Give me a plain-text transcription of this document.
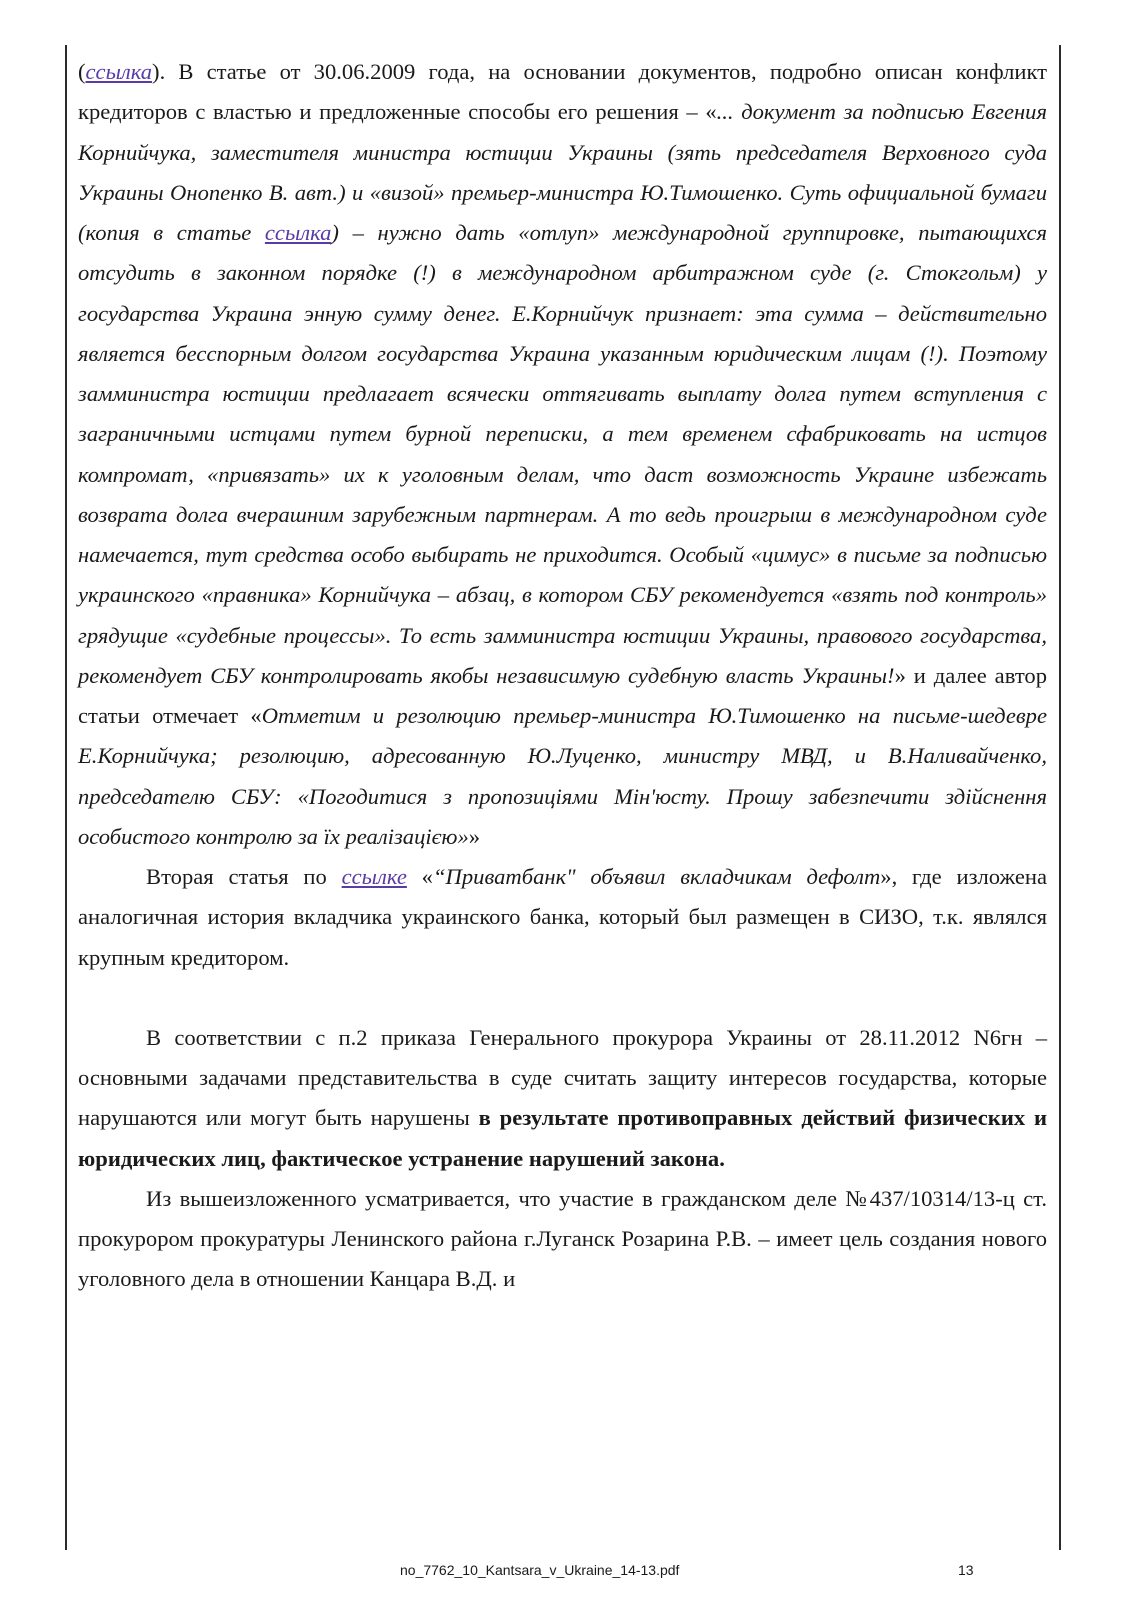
(ссылка). В статье от 30.06.2009 года, на основании документов, подробно описан конфликт кредиторов с властью и предложенные способы его решения – «... документ за подписью Евгения Корнийчука, заместителя министра юстиции Украины (зять председателя Верховного суда Украины Онопенко В. авт.) и «визой» премьер-министра Ю.Тимошенко. Суть официальной бумаги (копия в статье ссылка) – нужно дать «отлуп» международной группировке, пытающихся отсудить в законном порядке (!) в международном арбитражном суде (г. Стокгольм) у государства Украина энную сумму денег. Е.Корнийчук признает: эта сумма – действительно является бесспорным долгом государства Украина указанным юридическим лицам (!). Поэтому замминистра юстиции предлагает всячески оттягивать выплату долга путем вступления с заграничными истцами путем бурной переписки, а тем временем сфабриковать на истцов компромат, «привязать» их к уголовным делам, что даст возможность Украине избежать возврата долга вчерашним зарубежным партнерам. А то ведь проигрыш в международном суде намечается, тут средства особо выбирать не приходится. Особый «цимус» в письме за подписью украинского «правника» Корнийчука – абзац, в котором СБУ рекомендуется «взять под контроль» грядущие «судебные процессы». То есть замминистра юстиции Украины, правового государства, рекомендует СБУ контролировать якобы независимую судебную власть Украины!» и далее автор статьи отмечает «Отметим и резолюцию премьер-министра Ю.Тимошенко на письме-шедевре Е.Корнийчука; резолюцию, адресованную Ю.Луценко, министру МВД, и В.Наливайченко, председателю СБУ: «Погодитися з пропозиціями Мін'юсту. Прошу забезпечити здійснення особистого контролю за їх реалізацією»»

Вторая статья по ссылке «“Приватбанк" объявил вкладчикам дефолт», где изложена аналогичная история вкладчика украинского банка, который был размещен в СИЗО, т.к. являлся крупным кредитором.

В соответствии с п.2 приказа Генерального прокурора Украины от 28.11.2012 N6гн – основными задачами представительства в суде считать защиту интересов государства, которые нарушаются или могут быть нарушены в результате противоправных действий физических и юридических лиц, фактическое устранение нарушений закона.

Из вышеизложенного усматривается, что участие в гражданском деле №437/10314/13-ц ст. прокурором прокуратуры Ленинского района г.Луганск Розарина Р.В. – имеет цель создания нового уголовного дела в отношении Канцара В.Д. и

no_7762_10_Kantsara_v_Ukraine_14-13.pdf	13
